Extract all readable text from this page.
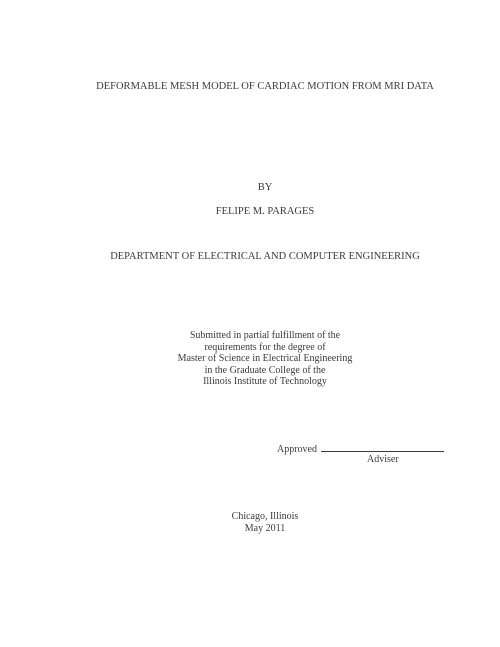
DEFORMABLE MESH MODEL OF CARDIAC MOTION FROM MRI DATA
BY
FELIPE M. PARAGES
DEPARTMENT OF ELECTRICAL AND COMPUTER ENGINEERING
Submitted in partial fulfillment of the
requirements for the degree of
Master of Science in Electrical Engineering
in the Graduate College of the
Illinois Institute of Technology
Approved
Adviser
Chicago, Illinois
May 2011
